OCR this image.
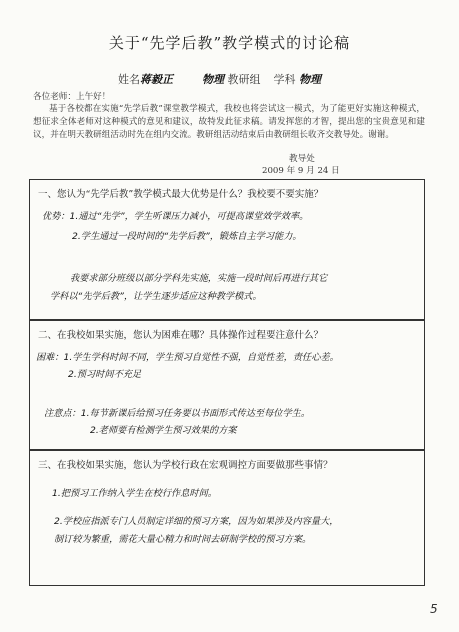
关于“先学后教”教学模式的讨论稿
姓名蒋毅正	物理 教研组 学科 物理
各位老师：上午好！
基于各校都在实施“先学后教”课堂教学模式，我校也将尝试这一模式，为了能更好实施这种模式，想征求全体老师对这种模式的意见和建议，故特发此征求稿。请发挥您的才智，提出您的宝贵意见和建议，并在明天教研组活动时先在组内交流。教研组活动结束后由教研组长收齐交教导处。谢谢。
教导处
2009 年 9 月 24 日
一、您认为“先学后教”教学模式最大优势是什么？我校要不要实施？
优势：1.通过“先学”，学生听课压力减小，可提高课堂效学效率。
2.学生通过一段时间的“先学后教”，锻炼自主学习能力。
我要求部分班级以部分学科先实施，实施一段时间后再进行其它
学科以“先学后教”，让学生逐步适应这种教学模式。
二、在我校如果实施，您认为困难在哪？具体操作过程要注意什么？
困难：1.学生学科时间不同，学生预习自觉性不强，自觉性差，责任心差。
2.预习时间不充足
注意点：1.每节新课后给预习任务要以书面形式传达至每位学生。
2.老师要有检测学生预习效果的方案
三、在我校如果实施，您认为学校行政在宏观调控方面要做那些事情？
1.把预习工作纳入学生在校行作息时间。
2.学校应指派专门人员制定详细的预习方案，因为如果涉及内容量大，
制订较为繁重，需花大量心精力和时间去研制学校的预习方案。
5
